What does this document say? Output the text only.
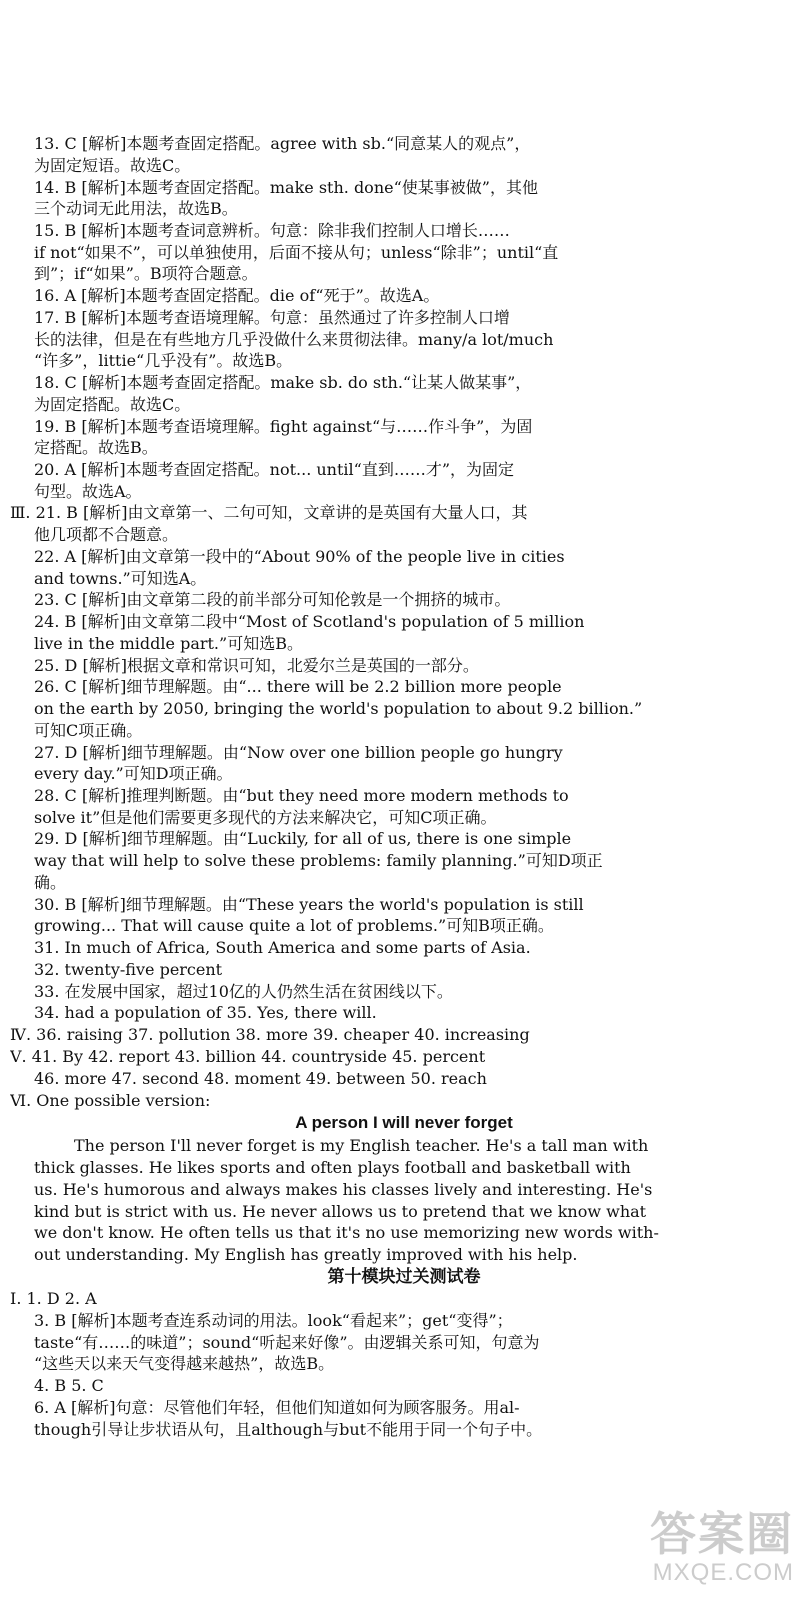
13. C [解析]本题考查固定搭配。agree with sb.“同意某人的观点”，
为固定短语。故选C。
14. B [解析]本题考查固定搭配。make sth. done“使某事被做”，其他
三个动词无此用法，故选B。
15. B [解析]本题考查词意辨析。句意：除非我们控制人口增长……
if not“如果不”，可以单独使用，后面不接从句；unless“除非”；until“直
到”；if“如果”。B项符合题意。
16. A [解析]本题考查固定搭配。die of“死于”。故选A。
17. B [解析]本题考查语境理解。句意：虽然通过了许多控制人口增
长的法律，但是在有些地方几乎没做什么来贯彻法律。many/a lot/much
“许多”，littie“几乎没有”。故选B。
18. C [解析]本题考查固定搭配。make sb. do sth.“让某人做某事”，
为固定搭配。故选C。
19. B [解析]本题考查语境理解。fight against“与……作斗争”，为固
定搭配。故选B。
20. A [解析]本题考查固定搭配。not... until“直到……才”，为固定
句型。故选A。
Ⅲ. 21. B [解析]由文章第一、二句可知，文章讲的是英国有大量人口，其
他几项都不合题意。
22. A [解析]由文章第一段中的“About 90% of the people live in cities
and towns.”可知选A。
23. C [解析]由文章第二段的前半部分可知伦敦是一个拥挤的城市。
24. B [解析]由文章第二段中“Most of Scotland's population of 5 million
live in the middle part.”可知选B。
25. D [解析]根据文章和常识可知，北爱尔兰是英国的一部分。
26. C [解析]细节理解题。由“... there will be 2.2 billion more people
on the earth by 2050, bringing the world's population to about 9.2 billion.”
可知C项正确。
27. D [解析]细节理解题。由“Now over one billion people go hungry
every day.”可知D项正确。
28. C [解析]推理判断题。由“but they need more modern methods to
solve it”但是他们需要更多现代的方法来解决它，可知C项正确。
29. D [解析]细节理解题。由“Luckily, for all of us, there is one simple
way that will help to solve these problems: family planning.”可知D项正
确。
30. B [解析]细节理解题。由“These years the world's population is still
growing... That will cause quite a lot of problems.”可知B项正确。
31. In much of Africa, South America and some parts of Asia.
32. twenty-five percent
33. 在发展中国家，超过10亿的人仍然生活在贫困线以下。
34. had a population of 35. Yes, there will.
Ⅳ. 36. raising 37. pollution 38. more 39. cheaper 40. increasing
Ⅴ. 41. By 42. report 43. billion 44. countryside 45. percent
46. more 47. second 48. moment 49. between 50. reach
Ⅵ. One possible version:
A person I will never forget
The person I'll never forget is my English teacher. He's a tall man with
thick glasses. He likes sports and often plays football and basketball with
us. He's humorous and always makes his classes lively and interesting. He's
kind but is strict with us. He never allows us to pretend that we know what
we don't know. He often tells us that it's no use memorizing new words with-
out understanding. My English has greatly improved with his help.
第十模块过关测试卷
Ⅰ. 1. D 2. A
3. B [解析]本题考查连系动词的用法。look“看起来”；get“变得”；
taste“有……的味道”；sound“听起来好像”。由逻辑关系可知，句意为
“这些天以来天气变得越来越热”，故选B。
4. B 5. C
6. A [解析]句意：尽管他们年轻，但他们知道如何为顾客服务。用al-
though引导让步状语从句，且although与but不能用于同一个句子中。
答案圈
MXQE.COM
